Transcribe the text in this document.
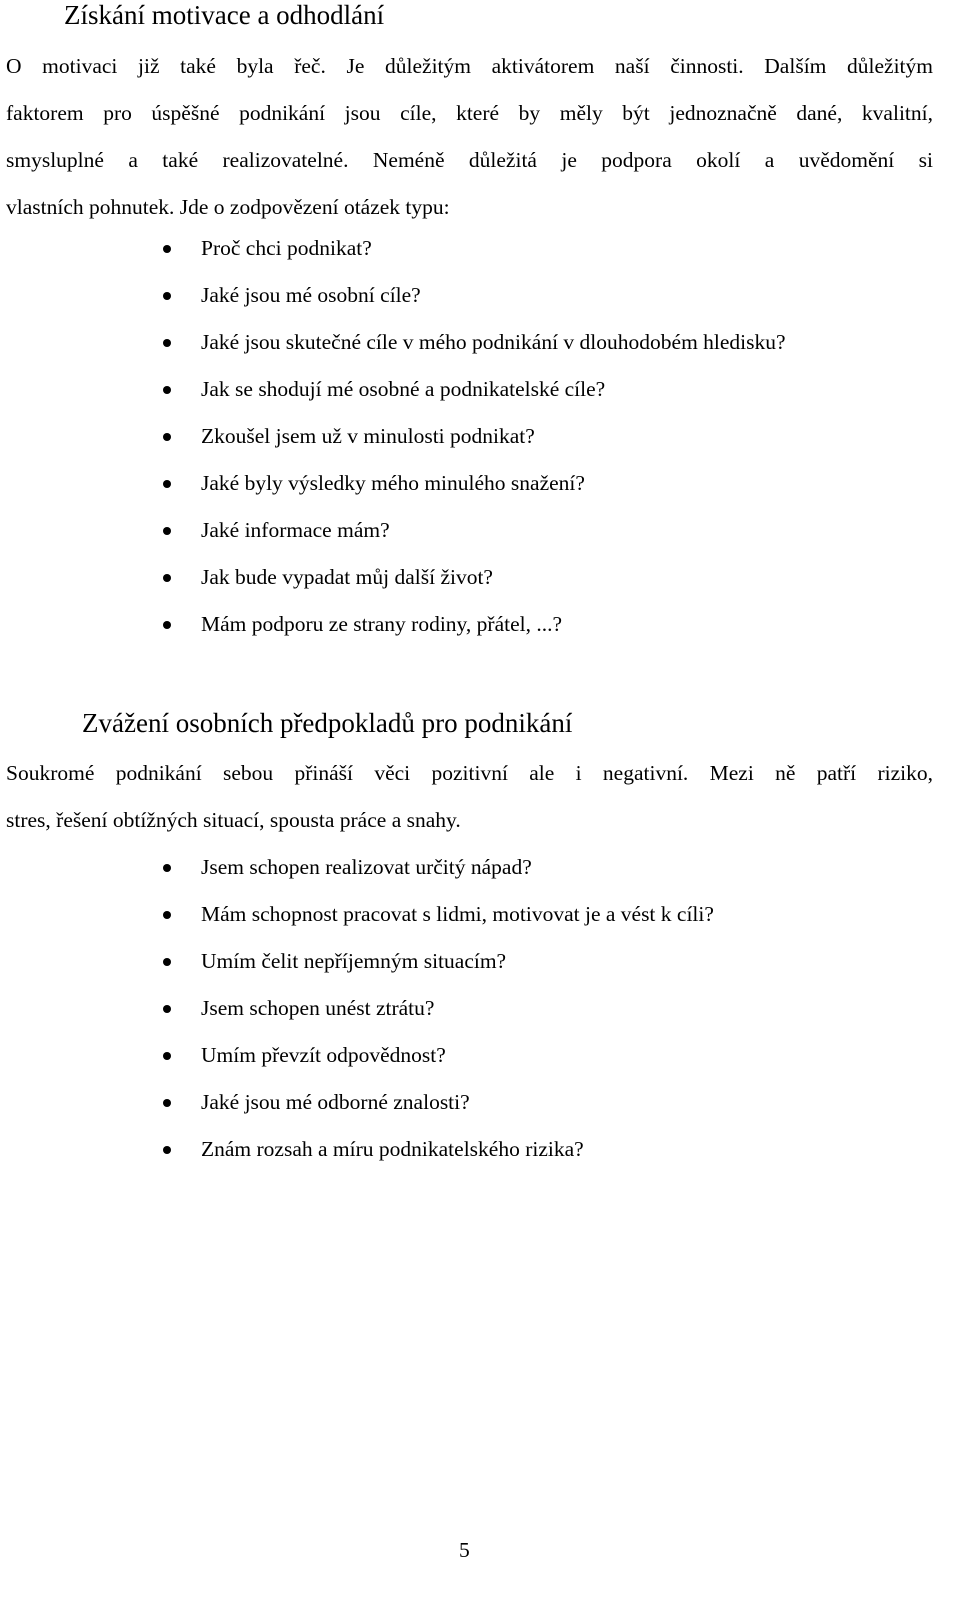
Získání motivace a odhodlání

O motivaci již také byla řeč. Je důležitým aktivátorem naší činnosti. Dalším důležitým
faktorem pro úspěšné podnikání jsou cíle, které by měly být jednoznačně dané, kvalitní,
smysluplné a také realizovatelné. Neméně důležitá je podpora okolí a uvědomění si
vlastních pohnutek. Jde o zodpovězení otázek typu:

Proč chci podnikat?
Jaké jsou mé osobní cíle?
Jaké jsou skutečné cíle v mého podnikání v dlouhodobém hledisku?
Jak se shodují mé osobné a podnikatelské cíle?
Zkoušel jsem už v minulosti podnikat?
Jaké byly výsledky mého minulého snažení?
Jaké informace mám?
Jak bude vypadat můj další život?
Mám podporu ze strany rodiny, přátel, ...?
Zvážení osobních předpokladů pro podnikání

Soukromé podnikání sebou přináší věci pozitivní ale i negativní. Mezi ně patří riziko,
stres, řešení obtížných situací, spousta práce a snahy.

Jsem schopen realizovat určitý nápad?
Mám schopnost pracovat s lidmi, motivovat je a vést k cíli?
Umím čelit nepříjemným situacím?
Jsem schopen unést ztrátu?
Umím převzít odpovědnost?
Jaké jsou mé odborné znalosti?
Znám rozsah a míru podnikatelského rizika?
5
